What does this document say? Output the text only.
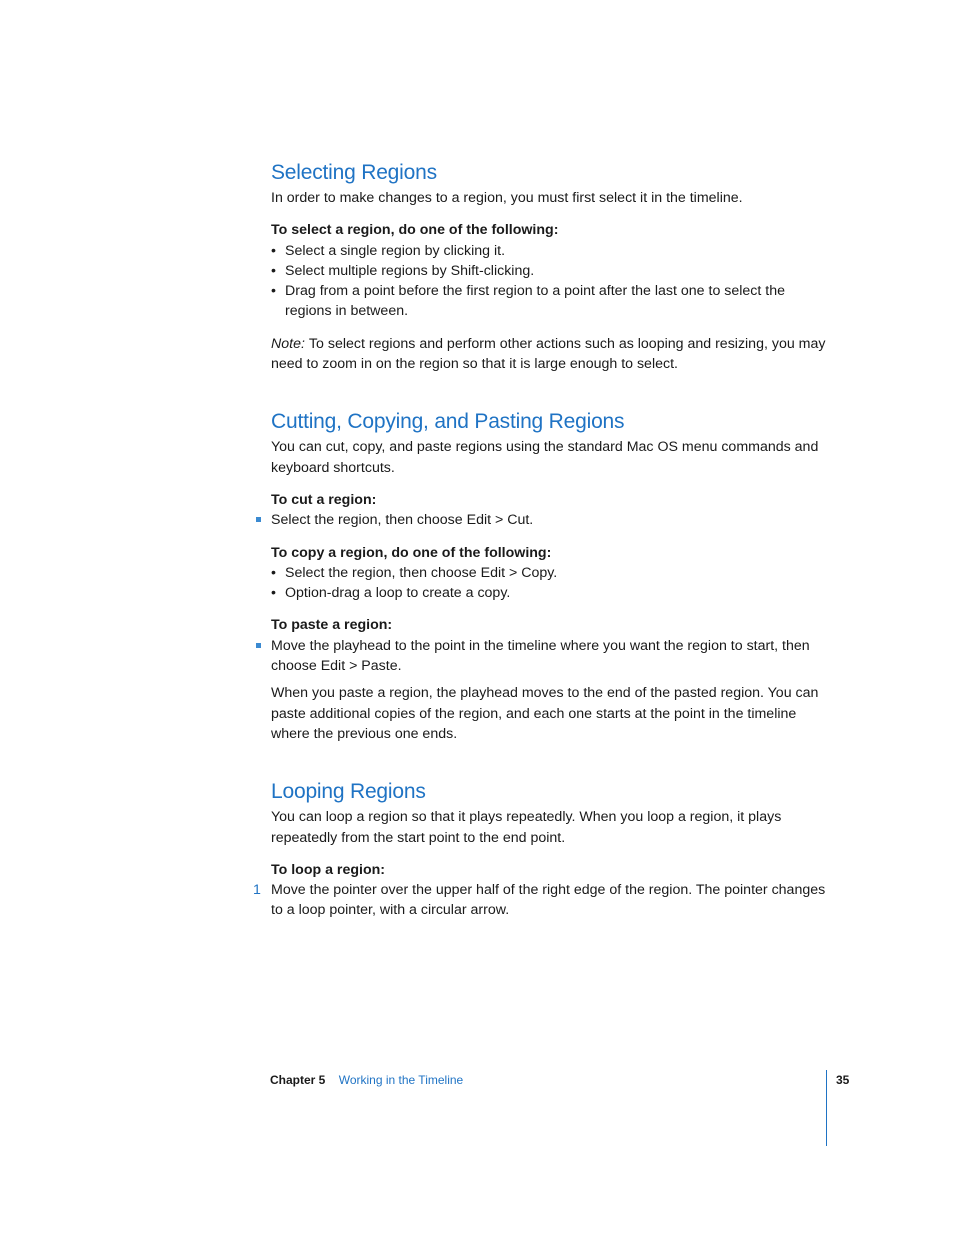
Selecting Regions

In order to make changes to a region, you must first select it in the timeline.

To select a region, do one of the following:

• Select a single region by clicking it.
• Select multiple regions by Shift-clicking.
• Drag from a point before the first region to a point after the last one to select the regions in between.

Note: To select regions and perform other actions such as looping and resizing, you may need to zoom in on the region so that it is large enough to select.

Cutting, Copying, and Pasting Regions

You can cut, copy, and paste regions using the standard Mac OS menu commands and keyboard shortcuts.

To cut a region:

Select the region, then choose Edit > Cut.

To copy a region, do one of the following:

• Select the region, then choose Edit > Copy.
• Option-drag a loop to create a copy.

To paste a region:

Move the playhead to the point in the timeline where you want the region to start, then choose Edit > Paste.

When you paste a region, the playhead moves to the end of the pasted region. You can paste additional copies of the region, and each one starts at the point in the timeline where the previous one ends.

Looping Regions

You can loop a region so that it plays repeatedly. When you loop a region, it plays repeatedly from the start point to the end point.

To loop a region:

1 Move the pointer over the upper half of the right edge of the region. The pointer changes to a loop pointer, with a circular arrow.

Chapter 5 Working in the Timeline	35
